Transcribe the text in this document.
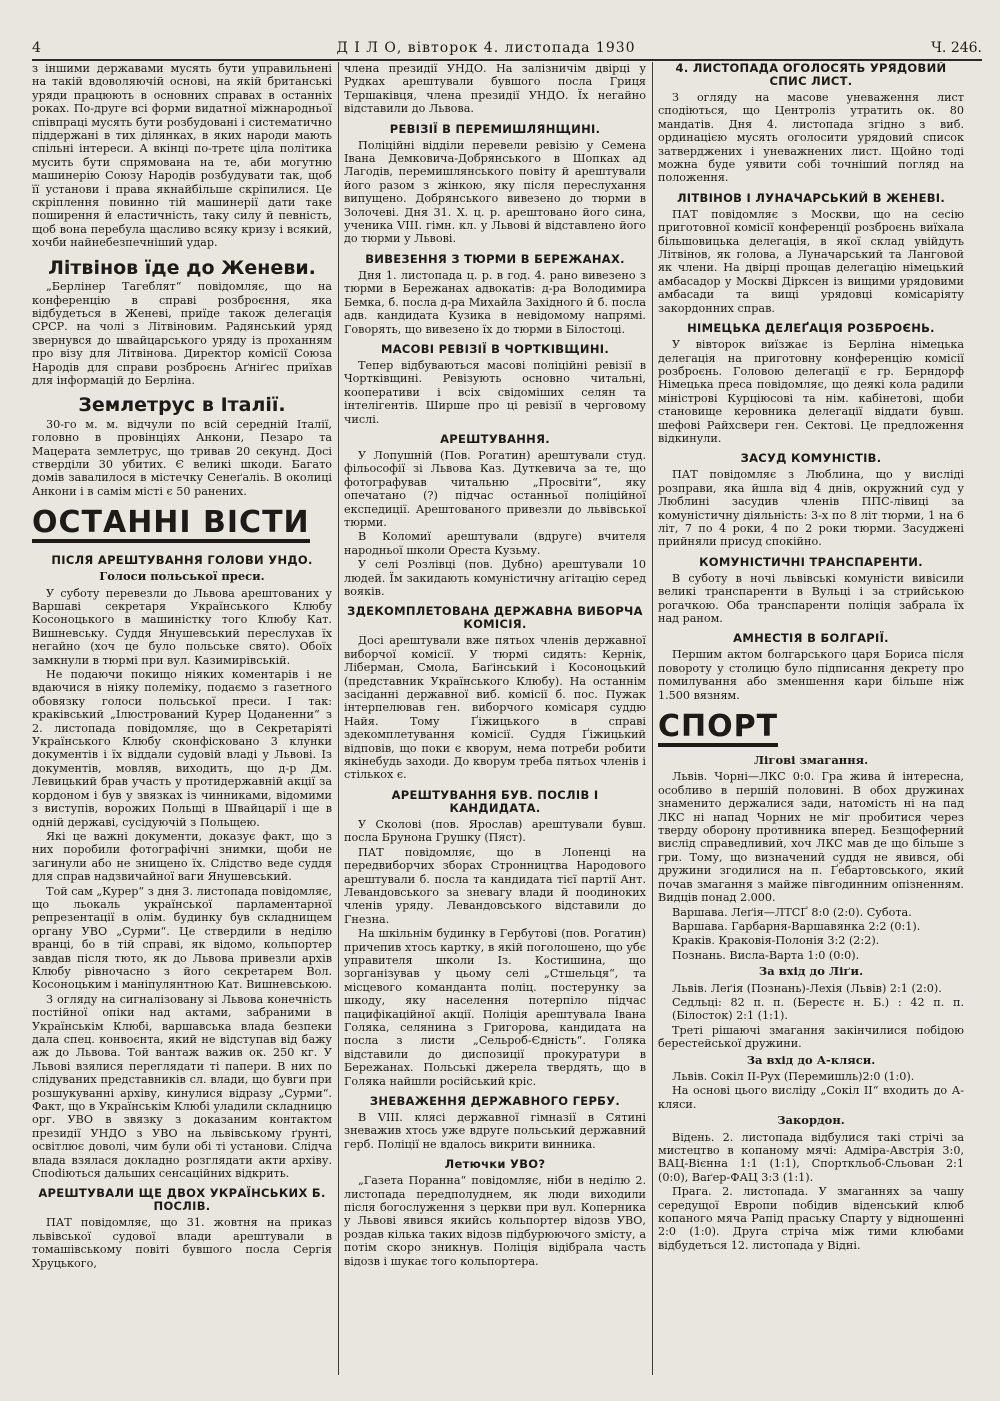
4	Д І Л О, вівторок 4. листопада 1930	Ч. 246.

з іншими державами мусять бути управильнені на такій вдоволяючій основі, на якій британські уряди працюють в основних справах в останніх роках. По-друге всі форми видатної міжнародньої співпраці мусять бути розбудовані і систематично піддержані в тих ділянках, в яких народи мають спільні інтереси. А вкінці по-третє ціла політика мусить бути спрямована на те, аби могутню машинерію Союзу Народів розбудувати так, щоб її установи і права якнайбільше скріпилися. Це скріплення повинно тій машинерії дати таке поширення й еластичність, таку силу й певність, щоб вона перебула щасливо всяку кризу і всякий, хочби найнебезпечніший удар.

Літвінов їде до Женеви.

„Берлінер Тагеблят“ повідомляє, що на конференцію в справі розброєння, яка відбудеться в Женеві, приїде також делегація СРСР. на чолі з Літвіновим. Радянський уряд звернувся до швайцарського уряду із проханням про візу для Літвінова. Директор комісії Союза Народів для справи розброєнь Аґніґес приїхав для інформацій до Берліна.

Землетрус в Італії.

30-го м. м. відчули по всій середній Італії, головно в провінціях Анкони, Пезаро та Мацерата землетрус, що тривав 20 секунд. Досі стверділи 30 убитих. Є великі шкоди. Багато домів завалилося в містечку Сенеґаліь. В околиці Анкони і в самім місті є 50 ранених.

ОСТАННІ ВІСТИ
ПІСЛЯ АРЕШТУВАННЯ ГОЛОВИ УНДО.
Голоси польської преси.

У суботу перевезли до Львова арештованих у Варшаві секретаря Українського Клюбу Косоноцького в машиністку того Клюбу Кат. Вишневську. Суддя Янушевський переслухав їх негайно (хоч це було польське свято). Обоїх замкнули в тюрмі при вул. Казимирівській.

Не подаючи покищо ніяких коментарів і не вдаючися в ніяку полеміку, подаємо з газетного обовязку голоси польської преси. І так: краківський „Ілюстрований Курер Цоданенни“ з 2. листопада повідомляє, що в Секретаріяті Українського Клюбу сконфісковано 3 клунки документів і їх віддали судовій владі у Львові. Із документів, мовляв, виходить, що д-р Дм. Левицький брав участь у протидержавній акції за кордоном і був у звязках із чинниками, відомими з виступів, ворожих Польщі в Швайцарії і ще в одній державі, сусідуючій з Польщею.

Які це важні документи, доказує факт, що з них поробили фотографічні знимки, щоби не загинули або не знищено їх. Слідство веде суддя для справ надзвичайної ваги Янушевський.

Той сам „Курер“ з дня 3. листопада повідомляє, що льокаль української парламентарної репрезентації в олім. будинку був складнищем органу УВО „Сурми“. Це ствердили в неділю вранці, бо в тій справі, як відомо, кольпортер завдав після тюто, як до Львова привезли архів Клюбу рівночасно з його секретарем Вол. Косоноцьким і маніпулянтною Кат. Вишневською.

З огляду на сигналізовану зі Львова конечність постійної опіки над актами, забраними в Українськім Клюбі, варшавська влада безпеки дала спец. конвоєнта, який не відступав від бажу аж до Львова. Той вантаж важив ок. 250 кг. У Львові взялися переглядати ті папери. В них по слідуваних представників сл. влади, що бувги при розшукуванні архіву, кинулися відразу „Сурми“. Факт, що в Українськім Клюбі уладили складницю орг. УВО в звязку з доказаним контактом президії УНДО з УВО на львівському ґрунті, освітлює доволі, чим були обі ті установи. Слідча влада взялася докладно розглядати акти архіву. Споdіються дальших сенсаційних відкрить.

АРЕШТУВАЛИ ЩЕ ДВОХ УКРАЇНСЬКИХ Б. ПОСЛІВ.

ПАТ повідомляє, що 31. жовтня на приказ львівської судової влади арештували в томашівському повіті бувшого посла Сергія Хруцького,

члена президії УНДО. На залізничім двірці у Рудках арештували бувшого посла Гриця Тершаківця, члена президії УНДО. Їх негайно відставили до Львова.

РЕВІЗІЇ В ПЕРЕМИШЛЯНЩИНІ.

Поліційні відділи перевели ревізію у Семена Івана Демковича-Добрянського в Шопках ад Лагодів, перемишлянського повіту й арештували його разом з жінкою, яку після переслухання випущено. Добрянського вивезено до тюрми в Золочеві. Дня 31. Х. ц. р. арештовано його сина, ученика VIII. гімн. кл. у Львові й відставлено його до тюрми у Львові.

ВИВЕЗЕННЯ З ТЮРМИ В БЕРЕЖАНАХ.

Дня 1. листопада ц. р. в год. 4. рано вивезено з тюрми в Бережанах адвокатів: д-ра Володимира Бемка, б. посла д-ра Михайла Західного й б. посла адв. кандидата Кузика в невідомому напрямі. Говорять, що вивезено їх до тюрми в Білостоці.

МАСОВІ РЕВІЗІЇ В ЧОРТКІВЩИНІ.

Тепер відбуваються масові поліційні ревізії в Чортківщині. Ревізують основно читальні, кооперативи і всіх свідоміших селян та інтелігентів. Ширше про ці ревізії в черговому числі.

АРЕШТУВАННЯ.

У Лопушній (Пов. Рогатин) арештували студ. фільософії зі Львова Каз. Дуткевича за те, що фотографував читальню „Просвіти“, яку опечатано (?) підчас останньої поліційної експедиції. Арештованого привезли до львівської тюрми.

В Коломиї арештували (вдруге) вчителя народньої школи Ореста Кузьму.

У селі Розлівці (пов. Дубно) арештували 10 людей. Їм закидають комуністичну агітацію серед вояків.

ЗДЕКОМПЛЕТОВАНА ДЕРЖАВНА ВИБОРЧА КОМІСІЯ.

Досі арештували вже пятьох членів державної виборчої комісії. У тюрмі сидять: Кернік, Ліберман, Смола, Баґінський і Косоноцький (представник Українського Клюбу). На останнім засіданні державної виб. комісії б. пос. Пужак інтерпелював ген. виборчого комісаря суддю Найя. Тому Ґіжицького в справі здекомплетування комісії. Суддя Ґіжицький відповів, що поки є кворум, нема потреби робити якінебудь заходи. До кворум треба пятьох членів і стількох є.

АРЕШТУВАННЯ БУВ. ПОСЛІВ І КАНДИДАТА.

У Сколові (пов. Ярослав) арештували бувш. посла Брунона Грушку (Пяст).

ПАТ повідомляє, що в Лопенці на передвиборчих зборах Стронництва Народового арештували б. посла та кандидата тієї партії Ант. Левандовського за зневагу влади й поодиноких членів уряду. Левандовського відставили до Гнезна.

На шкільнім будинку в Гербутові (пов. Рогатин) причепив хтось картку, в якій поголошено, що убє управителя школи Із. Костишина, що зорганізував у цьому селі „Стшельця“, та місцевого команданта поліц. постерунку за шкоду, яку населення потерпіло підчас пацифікаційної акції. Поліція арештувала Івана Голяка, селянина з Григорова, кандидата на посла з листи „Сельроб-Єдність“. Голяка відставили до диспозиції прокуратури в Бережанах. Польські джерела твердять, що в Голяка найшли російський кріс.

ЗНЕВАЖЕННЯ ДЕРЖАВНОГО ГЕРБУ.

В VIII. клясі державної гімназії в Сятині зневажив хтось уже вдруге польський державний герб. Поліції не вдалось викрити винника.

Летючки УВО?

„Газета Поранна“ повідомляє, ніби в неділю 2. листопада передполуднем, як люди виходили після богослуження з церкви при вул. Коперника у Львові явився якийсь кольпортер відозв УВО, роздав кілька таких відозв підбурюючого змісту, а потім скоро зникнув. Поліція відібрала часть відозв і шукає того кольпортера.

4. ЛИСТОПАДА ОГОЛОСЯТЬ УРЯДОВИЙ СПИС ЛИСТ.

З огляду на масове уневаження лист сподіються, що Центроліз утратить ок. 80 мандатів. Дня 4. листопада згідно з виб. ординацією мусять оголосити урядовий список затверджених і уневажнених лист. Щойно тоді можна буде уявити собі точніший погляд на положення.

ЛІТВІНОВ І ЛУНАЧАРСЬКИЙ В ЖЕНЕВІ.

ПАТ повідомляє з Москви, що на сесію приготовної комісії конференції розброєнь виїхала більшовицька делегація, в якої склад увійдуть Літвінов, як голова, а Луначарський та Ланговой як члени. На двірці прощав делегацію німецький амбасадор у Москві Дірксен із вищими урядовими амбасади та вищі урядовці комісаріяту закордонних справ.

НІМЕЦЬКА ДЕЛЕҐАЦІЯ РОЗБРОЄНЬ.

У вівторок виїзжає із Берліна німецька делегація на приготовну конференцію комісії розброєнь. Головою делегації є гр. Берндорф Німецька преса повідомляє, що деякі кола радили міністрові Курціюсові та нім. кабінетові, щоби становище керовника делегації віддати бувш. шефові Райхсвери ген. Сектові. Це предложення відкинули.

ЗАСУД КОМУНІСТІВ.

ПАТ повідомляє з Люблина, що у висліді розправи, яка йшла від 4 днів, окружний суд у Люблині засудив членів ППС-лівиці за комуністичну діяльність: 3-х по 8 літ тюрми, 1 на 6 літ, 7 по 4 роки, 4 по 2 роки тюрми. Засуджені прийняли присуд спокійно.

КОМУНІСТИЧНІ ТРАНСПАРЕНТИ.

В суботу в ночі львівські комуністи вивісили великі транспаренти в Вульці і за стрийською рогачкою. Оба транспаренти поліція забрала їх над раном.

АМНЕСТІЯ В БОЛГАРІЇ.

Першим актом болгарського царя Бориса після повороту у столицю було підписання декрету про помилування або зменшення кари більше ніж 1.500 вязням.

СПОРТ
Лігові змагання.

Львів. Чорні—ЛКС 0:0. Гра жива й інтересна, особливо в першій половині. В обох дружинах знаменито держалися зади, натомість ні на пад ЛКС ні напад Чорних не міг пробитися через тверду оборону противника вперед. Безщоферний вислід справедливий, хоч ЛКС мав де що більше з гри. Тому, що визначений суддя не явився, обі дружини згодилися на п. Ґебартовського, який почав змагання з майже півгодинним опізненням. Видців понад 2.000.

Варшава. Леґія—ЛТСҐ 8:0 (2:0). Субота.

Варшава. Гарбарня-Варшавянка 2:2 (0:1).

Краків. Краковія-Полонія 3:2 (2:2).

Познань. Висла-Варта 1:0 (0:0).

За вхід до Ліґи.

Львів. Леґія (Познань)-Лехія (Львів) 2:1 (2:0).

Седльці: 82 п. п. (Берестє н. Б.) : 42 п. п. (Білосток) 2:1 (1:1).

Треті рішаючі змагання закінчилися побідою берестейської дружини.

За вхід до А-кляси.

Львів. Сокіл ІІ-Рух (Перемишль)2:0 (1:0).

На основі цього висліду „Сокіл ІІ“ входить до А-кляси.

Закордон.

Відень. 2. листопада відбулися такі стрічі за мистецтво в копаному мячі: Адміра-Австрія 3:0, ВАЦ-Вієнна 1:1 (1:1), Спорткльоб-Сльован 2:1 (0:0), Ваґер-ФАЦ 3:3 (1:1).

Прага. 2. листопада. У змаганнях за чашу середущої Европи побідив віденський клюб копаного мяча Рапід праську Спарту у відношенні 2:0 (1:0). Друга стріча між тими клюбами відбудеться 12. листопада у Відні.
